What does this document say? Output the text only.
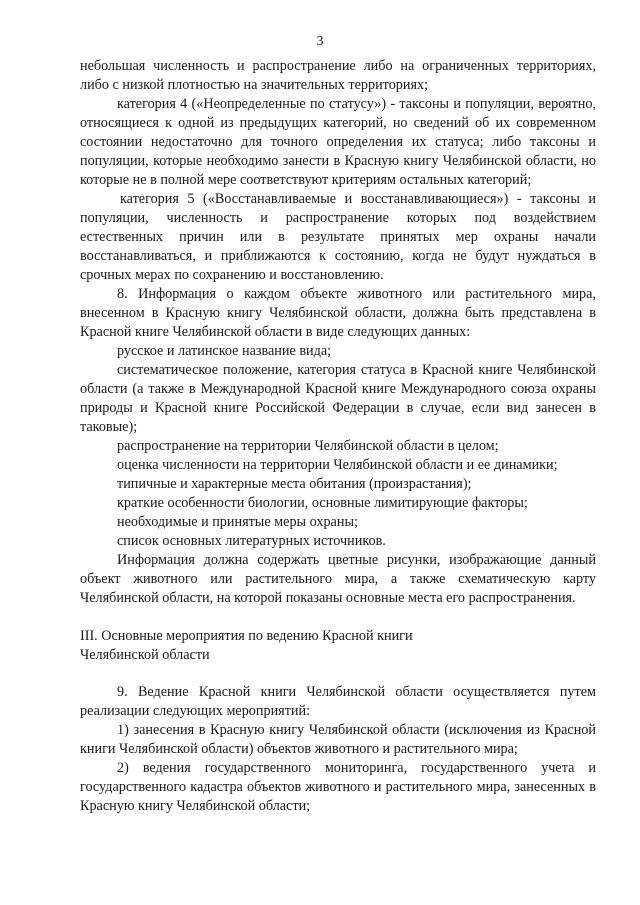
3

небольшая численность и распространение либо на ограниченных территориях, либо с низкой плотностью на значительных территориях;

категория 4 («Неопределенные по статусу») - таксоны и популяции, вероятно, относящиеся к одной из предыдущих категорий, но сведений об их современном состоянии недостаточно для точного определения их статуса; либо таксоны и популяции, которые необходимо занести в Красную книгу Челябинской области, но которые не в полной мере соответствуют критериям остальных категорий;

категория 5 («Восстанавливаемые и восстанавливающиеся») - таксоны и популяции, численность и распространение которых под воздействием естественных причин или в результате принятых мер охраны начали восстанавливаться, и приближаются к состоянию, когда не будут нуждаться в срочных мерах по сохранению и восстановлению.

8. Информация о каждом объекте животного или растительного мира, внесенном в Красную книгу Челябинской области, должна быть представлена в Красной книге Челябинской области в виде следующих данных:

русское и латинское название вида;

систематическое положение, категория статуса в Красной книге Челябинской области (а также в Международной Красной книге Международного союза охраны природы и Красной книге Российской Федерации в случае, если вид занесен в таковые);

распространение на территории Челябинской области в целом;

оценка численности на территории Челябинской области и ее динамики;

типичные и характерные места обитания (произрастания);

краткие особенности биологии, основные лимитирующие факторы;

необходимые и принятые меры охраны;

список основных литературных источников.

Информация должна содержать цветные рисунки, изображающие данный объект животного или растительного мира, а также схематическую карту Челябинской области, на которой показаны основные места его распространения.

III. Основные мероприятия по ведению Красной книги
Челябинской области

9. Ведение Красной книги Челябинской области осуществляется путем реализации следующих мероприятий:

1) занесения в Красную книгу Челябинской области (исключения из Красной книги Челябинской области) объектов животного и растительного мира;

2) ведения государственного мониторинга, государственного учета и государственного кадастра объектов животного и растительного мира, занесенных в Красную книгу Челябинской области;
